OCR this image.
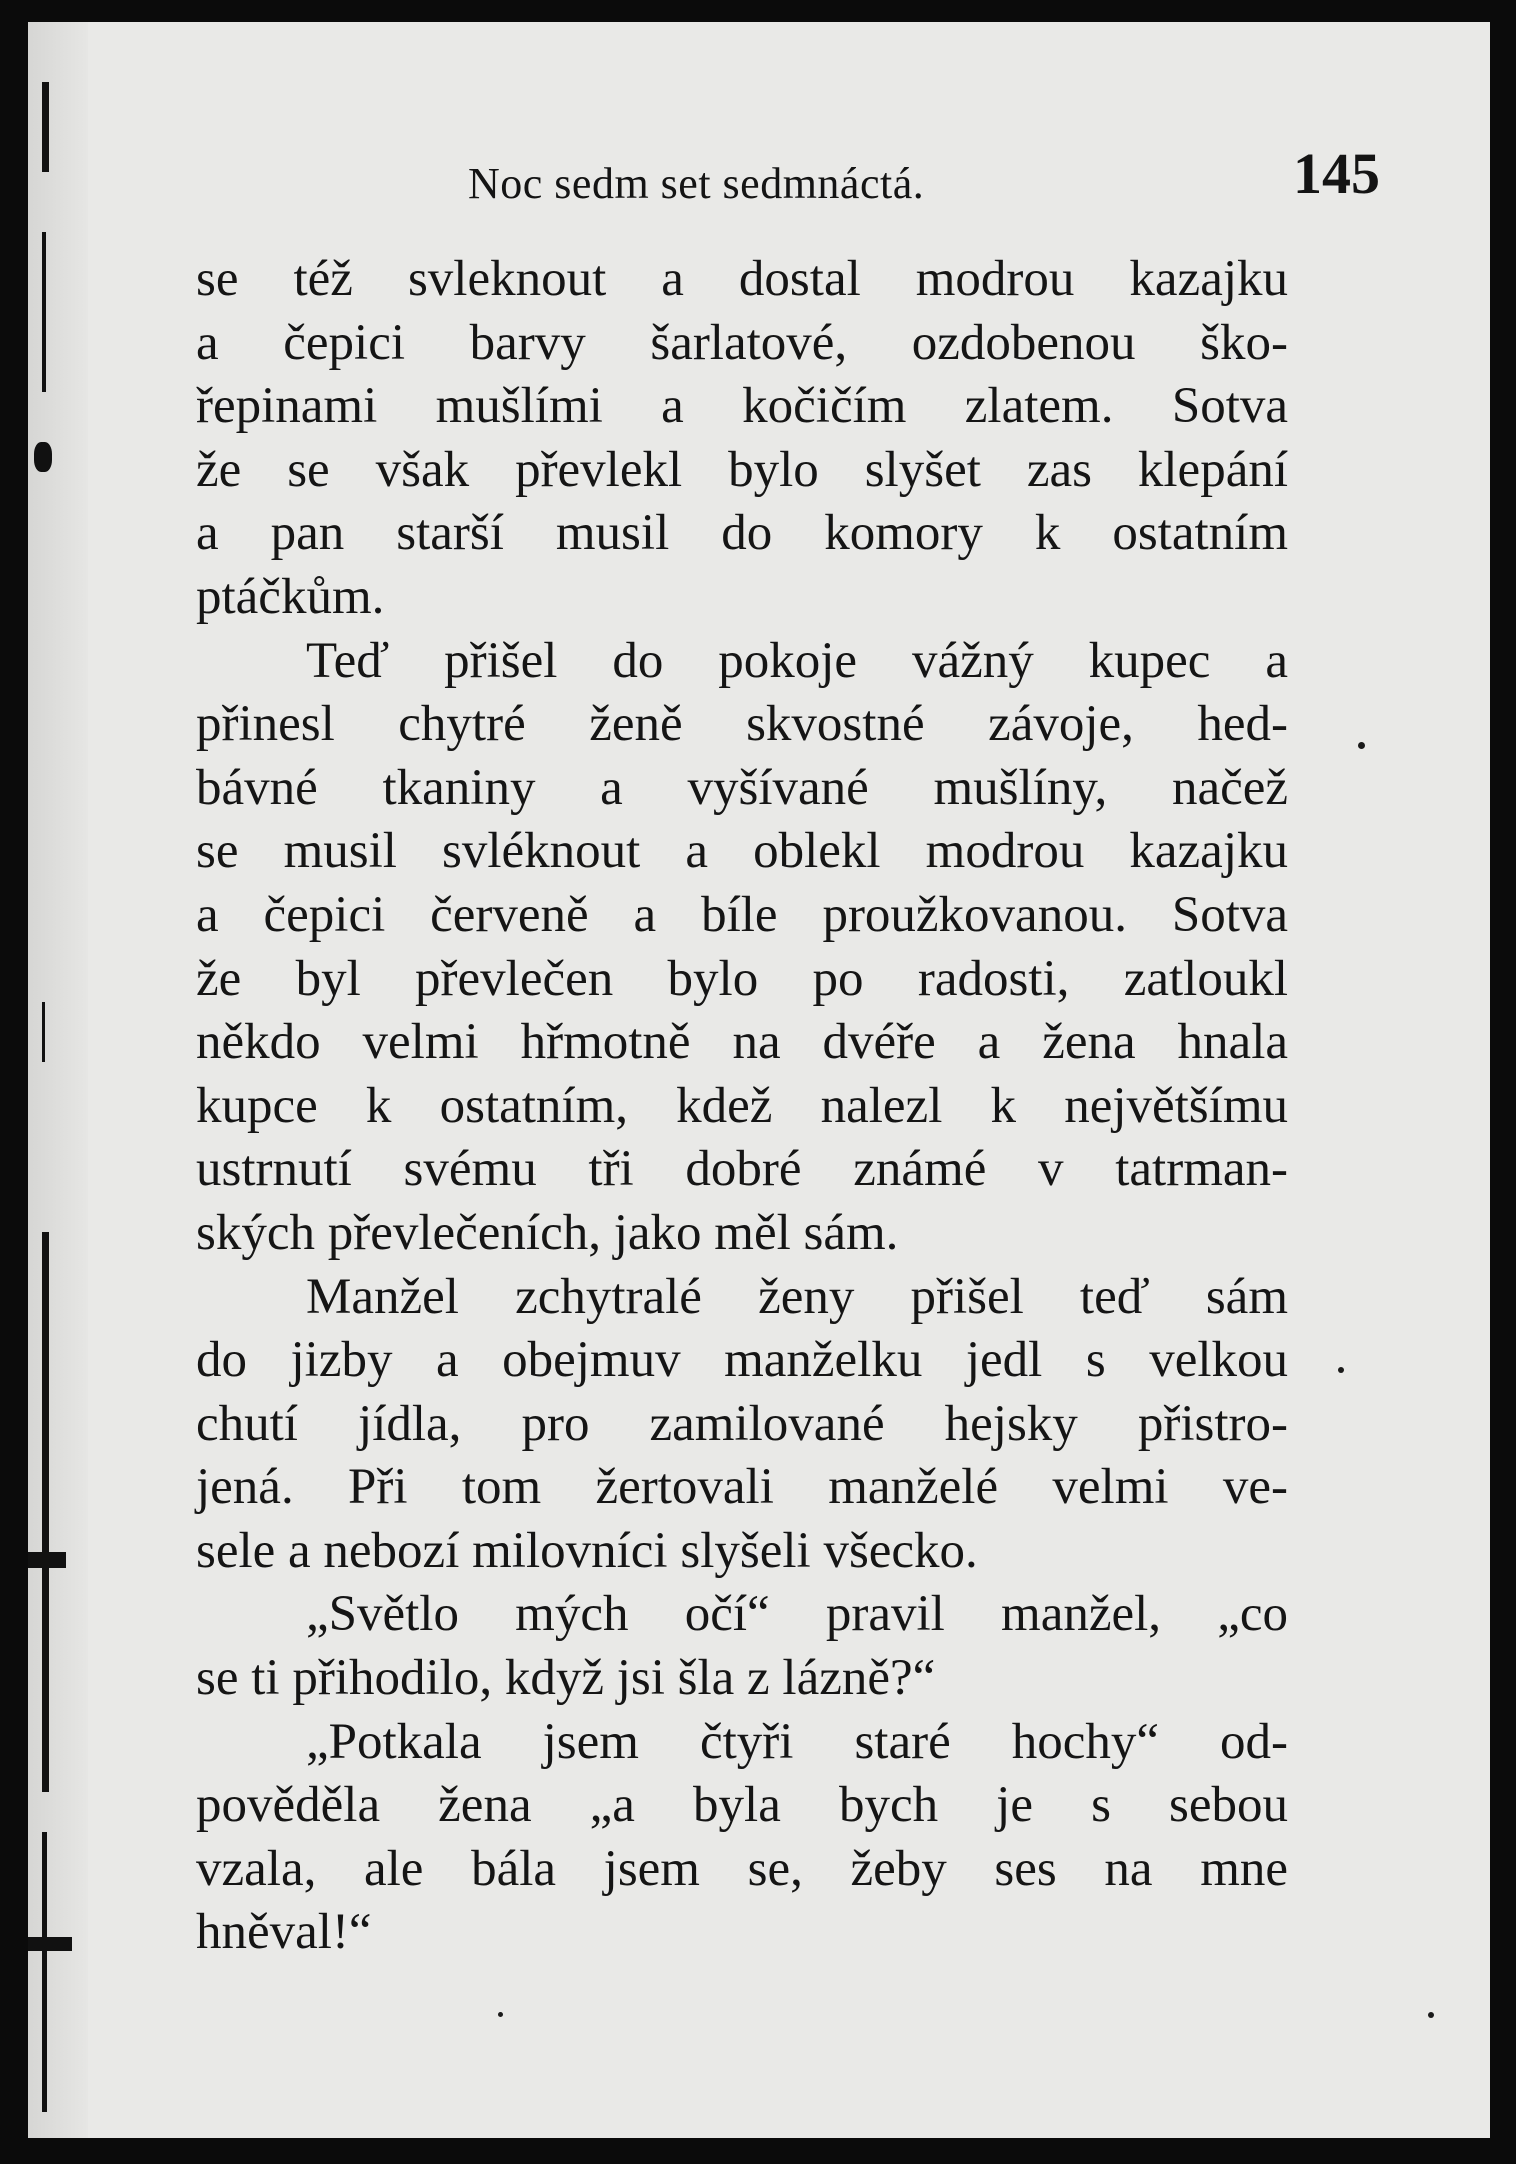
Noc sedm set sedmnáctá.	145
se též svleknout a dostal modrou kazajku
a čepici barvy šarlatové, ozdobenou ško-
řepinami mušlími a kočičím zlatem. Sotva
že se však převlekl bylo slyšet zas klepání
a pan starší musil do komory k ostatním
ptáčkům.
Teď přišel do pokoje vážný kupec a
přinesl chytré ženě skvostné závoje, hed-
bávné tkaniny a vyšívané mušlíny, načež
se musil svléknout a oblekl modrou kazajku
a čepici červeně a bíle proužkovanou. Sotva
že byl převlečen bylo po radosti, zatloukl
někdo velmi hřmotně na dvéře a žena hnala
kupce k ostatním, kdež nalezl k největšímu
ustrnutí svému tři dobré známé v tatrman-
ských převlečeních, jako měl sám.
Manžel zchytralé ženy přišel teď sám
do jizby a obejmuv manželku jedl s velkou
chutí jídla, pro zamilované hejsky přistro-
jená. Při tom žertovali manželé velmi ve-
sele a nebozí milovníci slyšeli všecko.
„Světlo mých očí“ pravil manžel, „co
se ti přihodilo, když jsi šla z lázně?“
„Potkala jsem čtyři staré hochy“ od-
pověděla žena „a byla bych je s sebou
vzala, ale bála jsem se, žeby ses na mne
hněval!“
